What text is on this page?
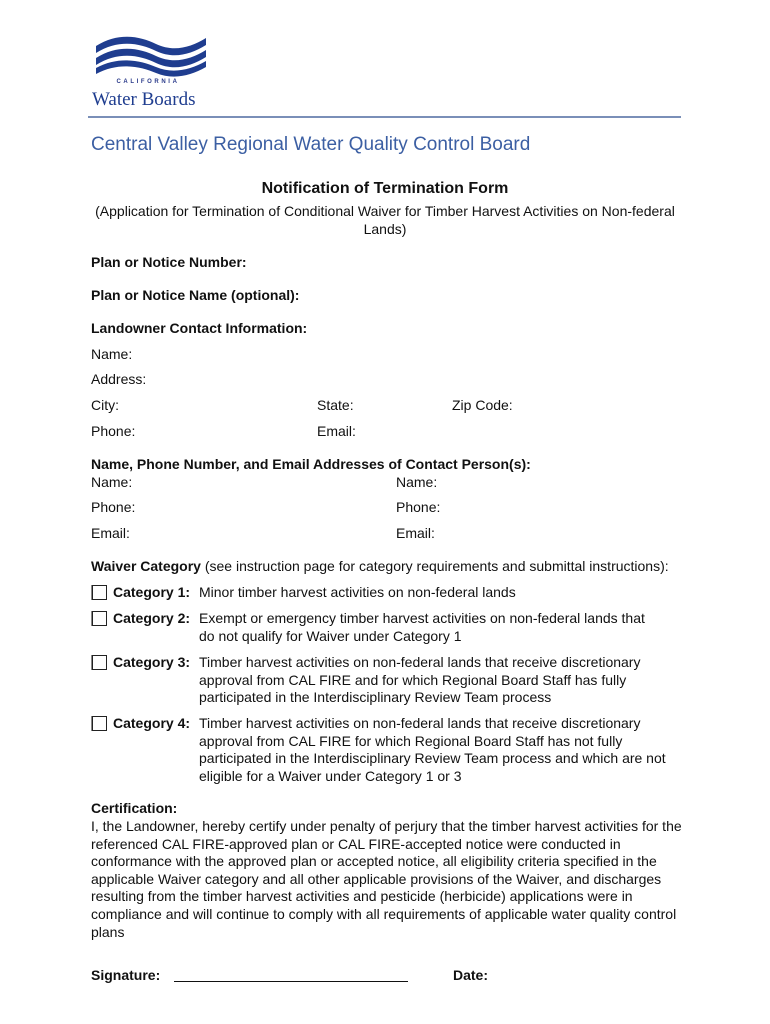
CALIFORNIA
Water Boards
Central Valley Regional Water Quality Control Board
Notification of Termination Form
(Application for Termination of Conditional Waiver for Timber Harvest Activities on Non-federal Lands)
Plan or Notice Number:
Plan or Notice Name (optional):
Landowner Contact Information:
Name:
Address:
City:	State:	Zip Code:
Phone:	Email:
Name, Phone Number, and Email Addresses of Contact Person(s):
Name:	Name:
Phone:	Phone:
Email:	Email:
Waiver Category (see instruction page for category requirements and submittal instructions):
Category 1: Minor timber harvest activities on non-federal lands
Category 2: Exempt or emergency timber harvest activities on non-federal lands that do not qualify for Waiver under Category 1
Category 3: Timber harvest activities on non-federal lands that receive discretionary approval from CAL FIRE and for which Regional Board Staff has fully participated in the Interdisciplinary Review Team process
Category 4: Timber harvest activities on non-federal lands that receive discretionary approval from CAL FIRE for which Regional Board Staff has not fully participated in the Interdisciplinary Review Team process and which are not eligible for a Waiver under Category 1 or 3
Certification:
I, the Landowner, hereby certify under penalty of perjury that the timber harvest activities for the referenced CAL FIRE-approved plan or CAL FIRE-accepted notice were conducted in conformance with the approved plan or accepted notice, all eligibility criteria specified in the applicable Waiver category and all other applicable provisions of the Waiver, and discharges resulting from the timber harvest activities and pesticide (herbicide) applications were in compliance and will continue to comply with all requirements of applicable water quality control plans
Signature:	Date:
